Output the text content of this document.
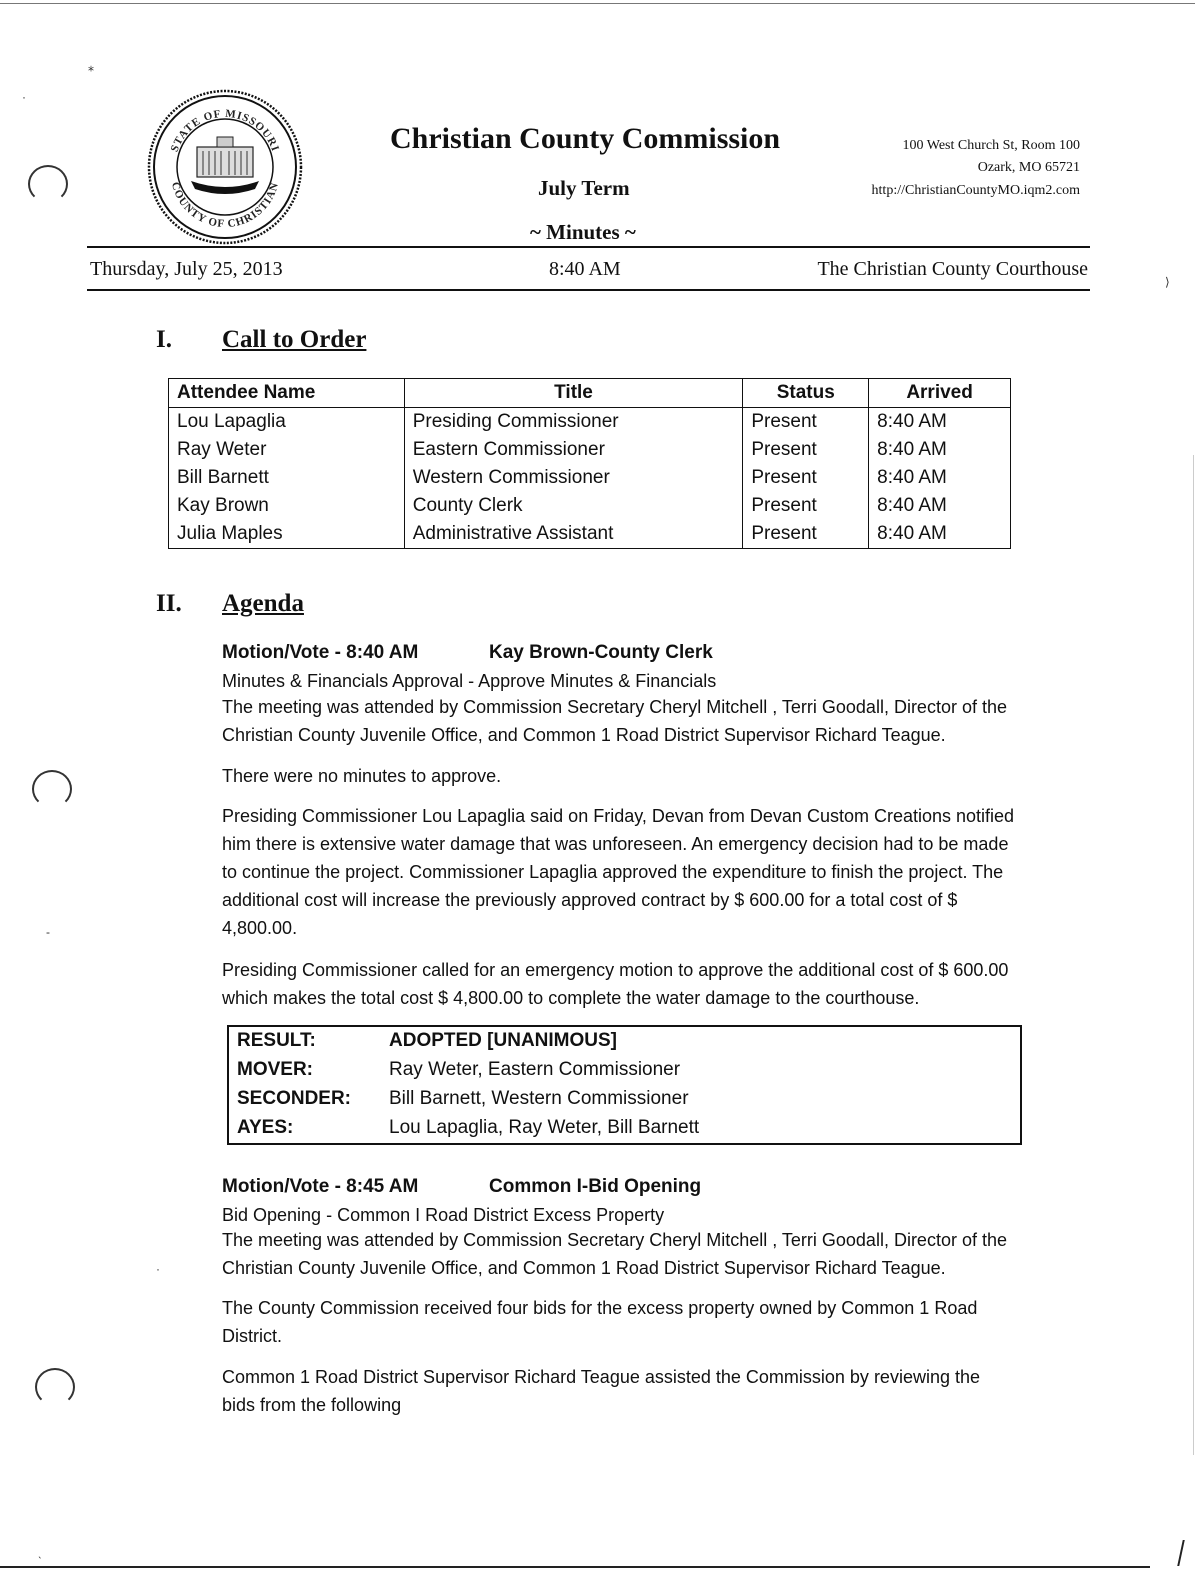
⁎
·
-
·
⟩
ˎ
STATE OF MISSOURI
COUNTY OF CHRISTIAN
Christian County Commission
July Term
~ Minutes ~
100 West Church St, Room 100
Ozark, MO 65721
http://ChristianCountyMO.iqm2.com
Thursday, July 25, 2013	8:40 AM	The Christian County Courthouse
I. Call to Order
Attendee Name	Title	Status	Arrived
Lou Lapaglia	Presiding Commissioner	Present	8:40 AM
Ray Weter	Eastern Commissioner	Present	8:40 AM
Bill Barnett	Western Commissioner	Present	8:40 AM
Kay Brown	County Clerk	Present	8:40 AM
Julia Maples	Administrative Assistant	Present	8:40 AM
II. Agenda
Motion/Vote - 8:40 AM	Kay Brown-County Clerk
Minutes & Financials Approval - Approve Minutes & Financials
The meeting was attended by Commission Secretary Cheryl Mitchell , Terri Goodall, Director of the Christian County Juvenile Office, and Common 1 Road District Supervisor Richard Teague.
There were no minutes to approve.
Presiding Commissioner Lou Lapaglia said on Friday, Devan from Devan Custom Creations notified him there is extensive water damage that was unforeseen. An emergency decision had to be made to continue the project. Commissioner Lapaglia approved the expenditure to finish the project. The additional cost will increase the previously approved contract by $ 600.00 for a total cost of $ 4,800.00.
Presiding Commissioner called for an emergency motion to approve the additional cost of $ 600.00 which makes the total cost $ 4,800.00 to complete the water damage to the courthouse.
RESULT:	ADOPTED [UNANIMOUS]
MOVER:	Ray Weter, Eastern Commissioner
SECONDER: Bill Barnett, Western Commissioner
AYES:	Lou Lapaglia, Ray Weter, Bill Barnett
Motion/Vote - 8:45 AM	Common I-Bid Opening
Bid Opening - Common I Road District Excess Property
The meeting was attended by Commission Secretary Cheryl Mitchell , Terri Goodall, Director of the Christian County Juvenile Office, and Common 1 Road District Supervisor Richard Teague.
The County Commission received four bids for the excess property owned by Common 1 Road District.
Common 1 Road District Supervisor Richard Teague assisted the Commission by reviewing the bids from the following
